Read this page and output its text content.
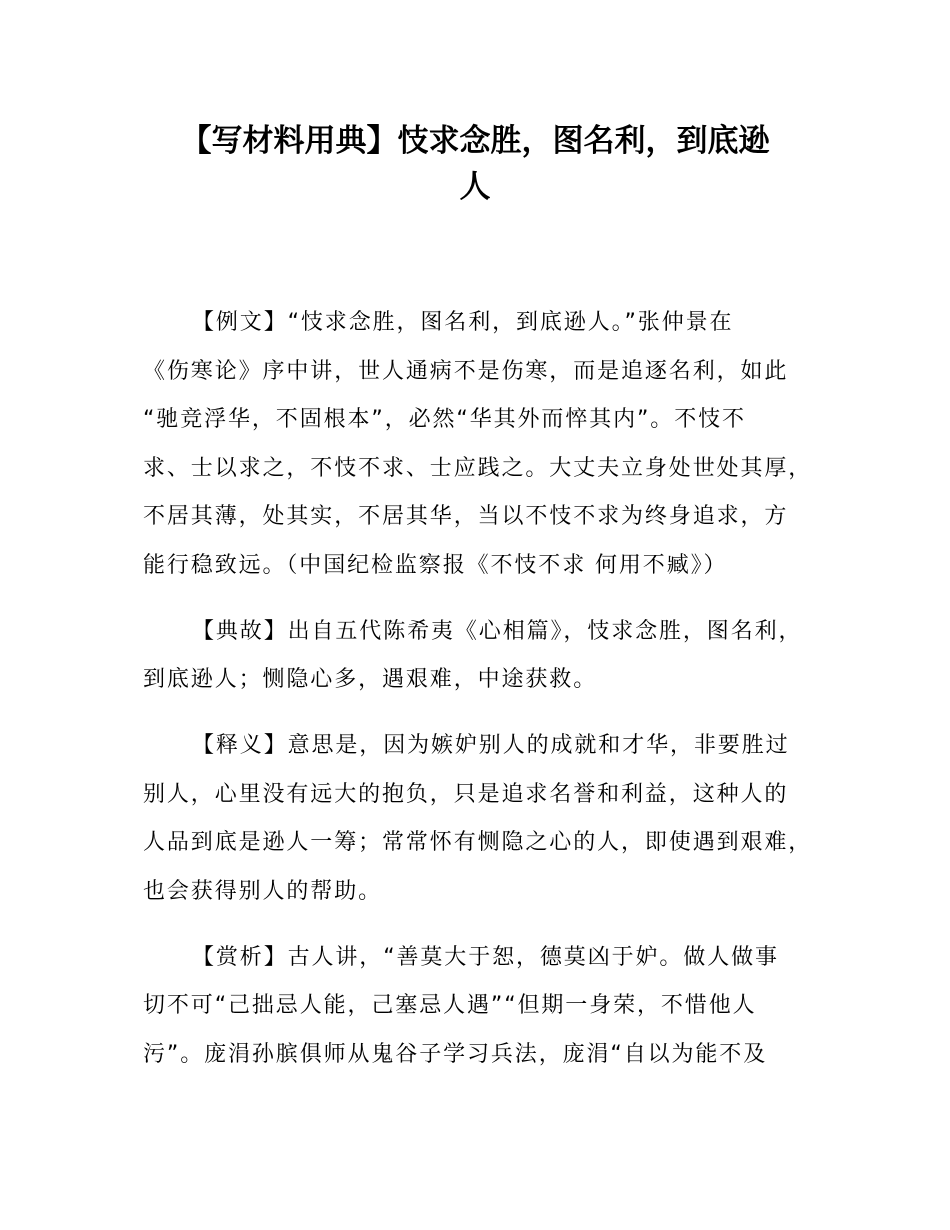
【写材料用典】忮求念胜，图名利，到底逊
人
【例文】“忮求念胜，图名利，到底逊人。”张仲景在
《伤寒论》序中讲，世人通病不是伤寒，而是追逐名利，如此
“驰竞浮华，不固根本”，必然“华其外而悴其内”。不忮不
求、士以求之，不忮不求、士应践之。大丈夫立身处世处其厚，
不居其薄，处其实，不居其华，当以不忮不求为终身追求，方
能行稳致远。（中国纪检监察报《不忮不求 何用不臧》）
【典故】出自五代陈希夷《心相篇》，忮求念胜，图名利，
到底逊人；恻隐心多，遇艰难，中途获救。
【释义】意思是，因为嫉妒别人的成就和才华，非要胜过
别人，心里没有远大的抱负，只是追求名誉和利益，这种人的
人品到底是逊人一筹；常常怀有恻隐之心的人，即使遇到艰难，
也会获得别人的帮助。
【赏析】古人讲，“善莫大于恕，德莫凶于妒。做人做事
切不可“己拙忌人能，己塞忌人遇”“但期一身荣，不惜他人
污”。庞涓孙膑俱师从鬼谷子学习兵法，庞涓“自以为能不及
